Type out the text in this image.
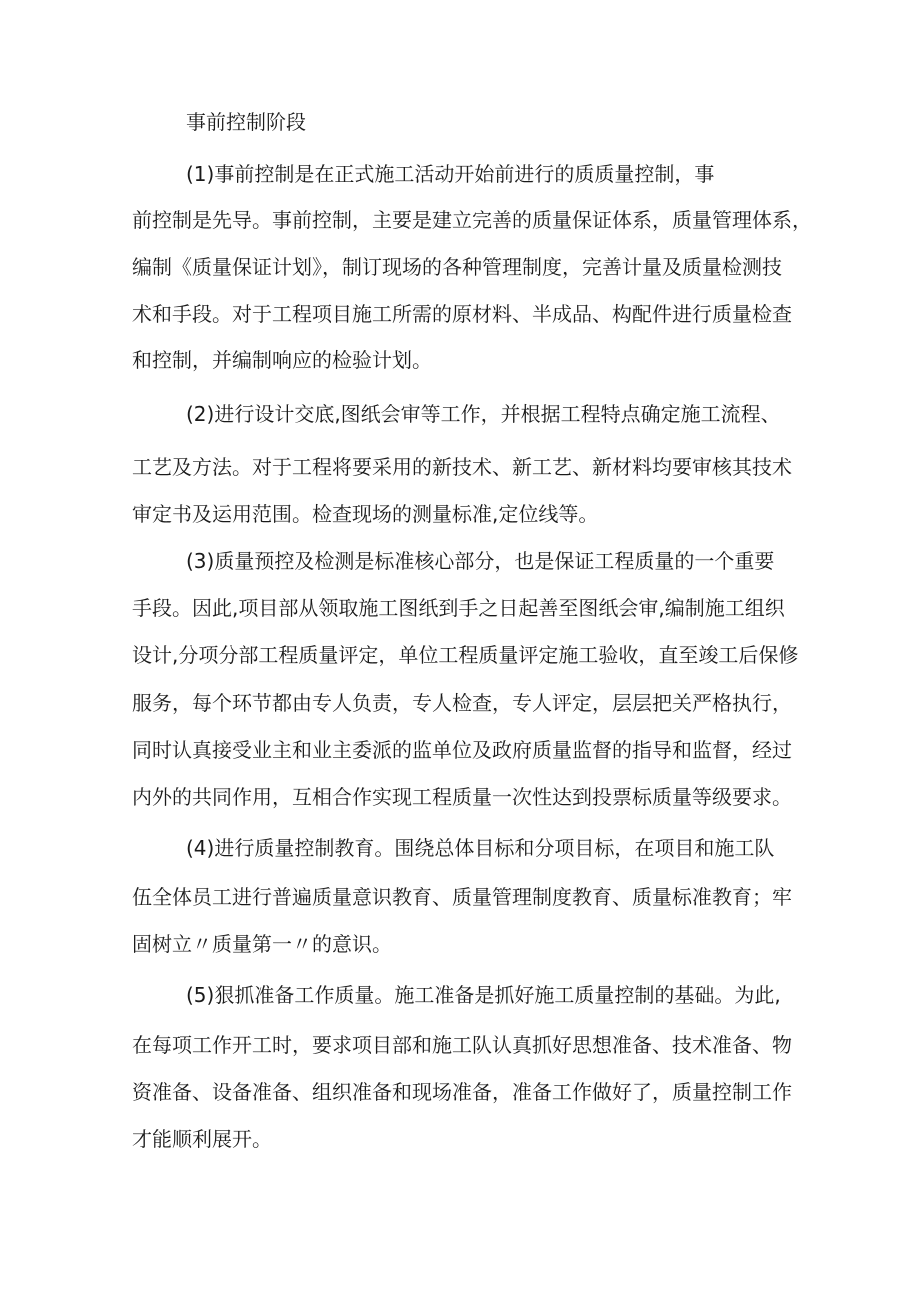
事前控制阶段
(1)事前控制是在正式施工活动开始前进行的质质量控制，事
前控制是先导。事前控制，主要是建立完善的质量保证体系，质量管理体系，
编制《质量保证计划》，制订现场的各种管理制度，完善计量及质量检测技
术和手段。对于工程项目施工所需的原材料、半成品、构配件进行质量检查
和控制，并编制响应的检验计划。
(2)进行设计交底,图纸会审等工作，并根据工程特点确定施工流程、
工艺及方法。对于工程将要采用的新技术、新工艺、新材料均要审核其技术
审定书及运用范围。检查现场的测量标准,定位线等。
(3)质量预控及检测是标准核心部分，也是保证工程质量的一个重要
手段。因此,项目部从领取施工图纸到手之日起善至图纸会审,编制施工组织
设计,分项分部工程质量评定，单位工程质量评定施工验收，直至竣工后保修
服务，每个环节都由专人负责，专人检查，专人评定，层层把关严格执行，
同时认真接受业主和业主委派的监单位及政府质量监督的指导和监督，经过
内外的共同作用，互相合作实现工程质量一次性达到投票标质量等级要求。
(4)进行质量控制教育。围绕总体目标和分项目标，在项目和施工队
伍全体员工进行普遍质量意识教育、质量管理制度教育、质量标准教育；牢
固树立〃质量第一〃的意识。
(5)狠抓准备工作质量。施工准备是抓好施工质量控制的基础。为此,
在每项工作开工时，要求项目部和施工队认真抓好思想准备、技术准备、物
资准备、设备准备、组织准备和现场准备，准备工作做好了，质量控制工作
才能顺利展开。
